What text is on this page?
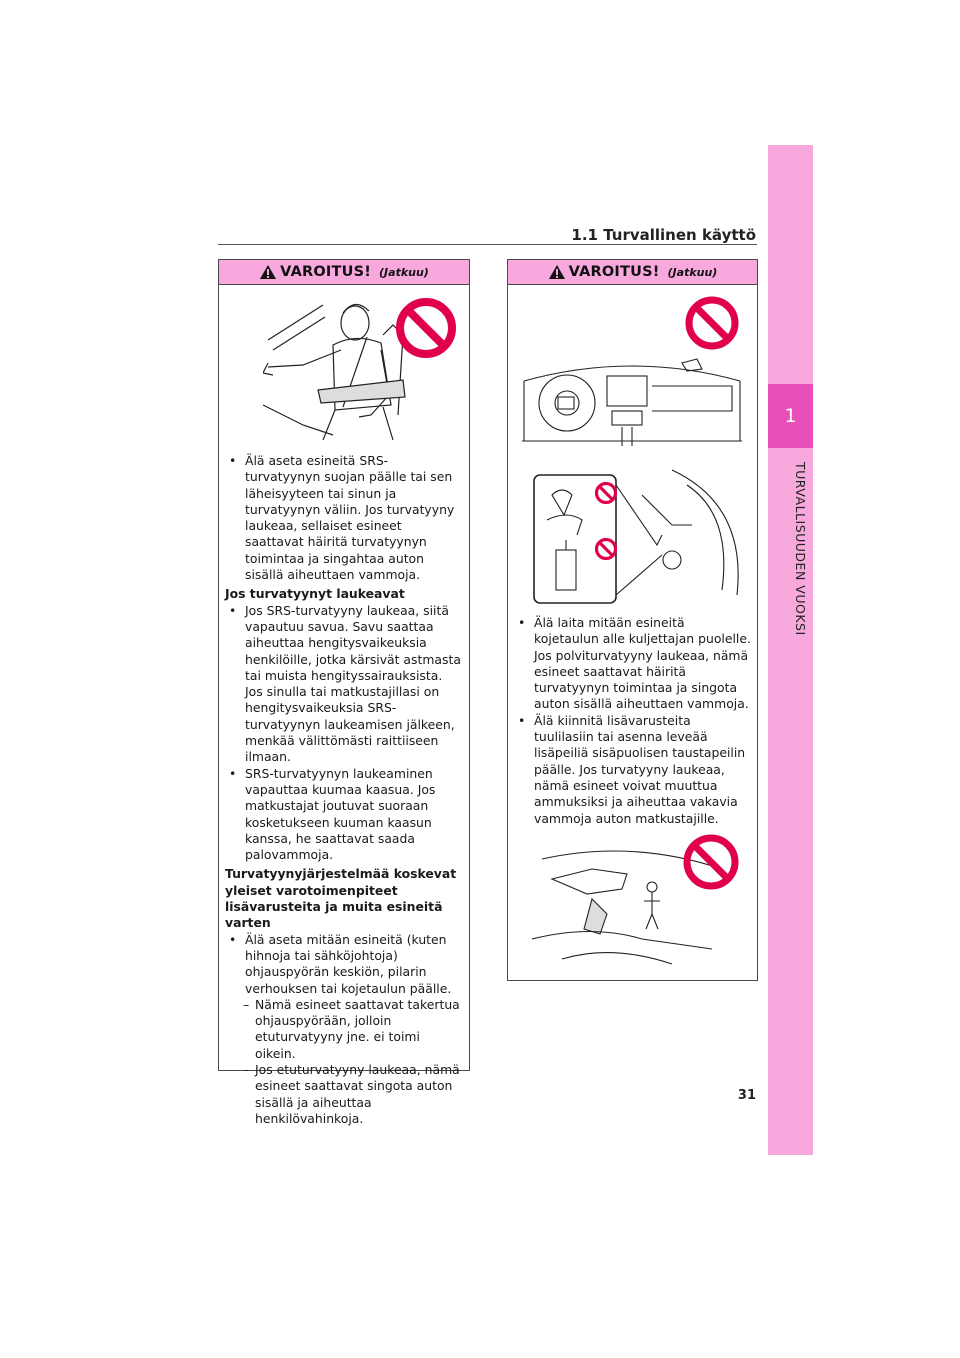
1
TURVALLISUUDEN VUOKSI
1.1 Turvallinen käyttö
VAROITUS! (Jatkuu)
• Älä aseta esineitä SRS-turvatyynyn suojan päälle tai sen läheisyyteen tai sinun ja turvatyynyn väliin. Jos turvatyyny laukeaa, sellaiset esineet saattavat häiritä turvatyynyn toimintaa ja singahtaa auton sisällä aiheuttaen vammoja.
Jos turvatyynyt laukeavat
• Jos SRS-turvatyyny laukeaa, siitä vapautuu savua. Savu saattaa aiheuttaa hengitysvaikeuksia henkilöille, jotka kärsivät astmasta tai muista hengityssairauksista. Jos sinulla tai matkustajillasi on hengitysvaikeuksia SRS-turvatyynyn laukeamisen jälkeen, menkää välittömästi raittiiseen ilmaan.
• SRS-turvatyynyn laukeaminen vapauttaa kuumaa kaasua. Jos matkustajat joutuvat suoraan kosketukseen kuuman kaasun kanssa, he saattavat saada palovammoja.
Turvatyynyjärjestelmää koskevat yleiset varotoimenpiteet lisävarusteita ja muita esineitä varten
• Älä aseta mitään esineitä (kuten hihnoja tai sähköjohtoja) ohjauspyörän keskiön, pilarin verhouksen tai kojetaulun päälle.
– Nämä esineet saattavat takertua ohjauspyörään, jolloin etuturvatyyny jne. ei toimi oikein.
– Jos etuturvatyyny laukeaa, nämä esineet saattavat singota auton sisällä ja aiheuttaa henkilövahinkoja.
VAROITUS! (Jatkuu)
• Älä laita mitään esineitä kojetaulun alle kuljettajan puolelle. Jos polviturvatyyny laukeaa, nämä esineet saattavat häiritä turvatyynyn toimintaa ja singota auton sisällä aiheuttaen vammoja.
• Älä kiinnitä lisävarusteita tuulilasiin tai asenna leveää lisäpeiliä sisäpuolisen taustapeilin päälle. Jos turvatyyny laukeaa, nämä esineet voivat muuttua ammuksiksi ja aiheuttaa vakavia vammoja auton matkustajille.
31
